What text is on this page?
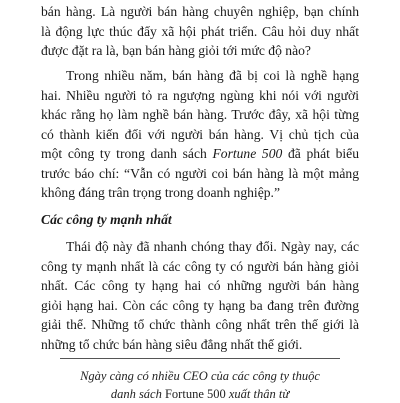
bán hàng. Là người bán hàng chuyên nghiệp, bạn chính
là động lực thúc đẩy xã hội phát triển. Câu hỏi duy nhất
được đặt ra là, bạn bán hàng giỏi tới mức độ nào?
Trong nhiều năm, bán hàng đã bị coi là nghề hạng
hai. Nhiều người tỏ ra ngượng ngùng khi nói với người
khác rằng họ làm nghề bán hàng. Trước đây, xã hội từng
có thành kiến đối với người bán hàng. Vị chủ tịch của
một công ty trong danh sách Fortune 500 đã phát biểu
trước báo chí: “Vẫn có người coi bán hàng là một mảng
không đáng trân trọng trong doanh nghiệp.”
Các công ty mạnh nhất
Thái độ này đã nhanh chóng thay đổi. Ngày nay, các
công ty mạnh nhất là các công ty có người bán hàng giỏi
nhất. Các công ty hạng hai có những người bán hàng
giỏi hạng hai. Còn các công ty hạng ba đang trên đường
giải thể. Những tổ chức thành công nhất trên thế giới là
những tổ chức bán hàng siêu đẳng nhất thế giới.
Ngày càng có nhiều CEO của các công ty thuộc
danh sách Fortune 500 xuất thân từ
